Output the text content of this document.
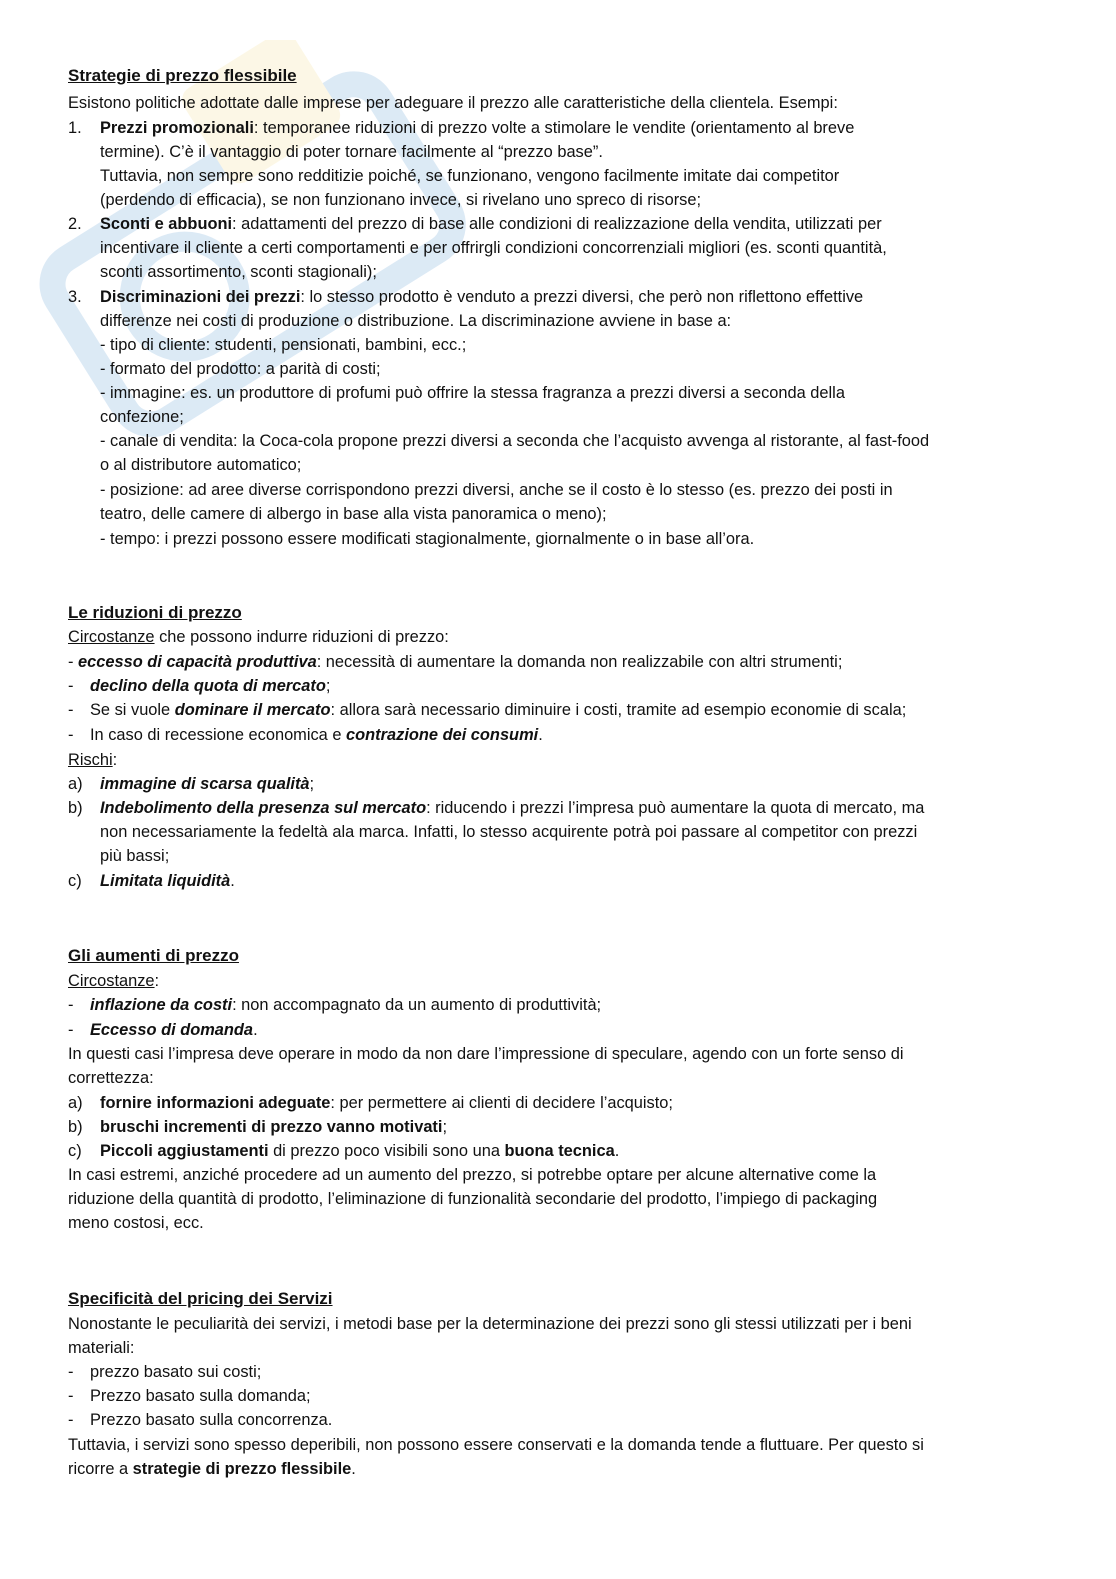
Strategie di prezzo flessibile
Esistono politiche adottate dalle imprese per adeguare il prezzo alle caratteristiche della clientela. Esempi:
1. Prezzi promozionali: temporanee riduzioni di prezzo volte a stimolare le vendite (orientamento al breve
termine). C’è il vantaggio di poter tornare facilmente al “prezzo base”.
Tuttavia, non sempre sono redditizie poiché, se funzionano, vengono facilmente imitate dai competitor
(perdendo di efficacia), se non funzionano invece, si rivelano uno spreco di risorse;
2. Sconti e abbuoni: adattamenti del prezzo di base alle condizioni di realizzazione della vendita, utilizzati per
incentivare il cliente a certi comportamenti e per offrirgli condizioni concorrenziali migliori (es. sconti quantità,
sconti assortimento, sconti stagionali);
3. Discriminazioni dei prezzi: lo stesso prodotto è venduto a prezzi diversi, che però non riflettono effettive
differenze nei costi di produzione o distribuzione. La discriminazione avviene in base a:
- tipo di cliente: studenti, pensionati, bambini, ecc.;
- formato del prodotto: a parità di costi;
- immagine: es. un produttore di profumi può offrire la stessa fragranza a prezzi diversi a seconda della
confezione;
- canale di vendita: la Coca-cola propone prezzi diversi a seconda che l’acquisto avvenga al ristorante, al fast-food
o al distributore automatico;
- posizione: ad aree diverse corrispondono prezzi diversi, anche se il costo è lo stesso (es. prezzo dei posti in
teatro, delle camere di albergo in base alla vista panoramica o meno);
- tempo: i prezzi possono essere modificati stagionalmente, giornalmente o in base all’ora.
Le riduzioni di prezzo
Circostanze che possono indurre riduzioni di prezzo:
- eccesso di capacità produttiva: necessità di aumentare la domanda non realizzabile con altri strumenti;
- declino della quota di mercato;
- Se si vuole dominare il mercato: allora sarà necessario diminuire i costi, tramite ad esempio economie di scala;
- In caso di recessione economica e contrazione dei consumi.
Rischi:
a) immagine di scarsa qualità;
b) Indebolimento della presenza sul mercato: riducendo i prezzi l’impresa può aumentare la quota di mercato, ma
non necessariamente la fedeltà ala marca. Infatti, lo stesso acquirente potrà poi passare al competitor con prezzi
più bassi;
c) Limitata liquidità.
Gli aumenti di prezzo
Circostanze:
- inflazione da costi: non accompagnato da un aumento di produttività;
- Eccesso di domanda.
In questi casi l’impresa deve operare in modo da non dare l’impressione di speculare, agendo con un forte senso di
correttezza:
a) fornire informazioni adeguate: per permettere ai clienti di decidere l’acquisto;
b) bruschi incrementi di prezzo vanno motivati;
c) Piccoli aggiustamenti di prezzo poco visibili sono una buona tecnica.
In casi estremi, anziché procedere ad un aumento del prezzo, si potrebbe optare per alcune alternative come la
riduzione della quantità di prodotto, l’eliminazione di funzionalità secondarie del prodotto, l’impiego di packaging
meno costosi, ecc.
Specificità del pricing dei Servizi
Nonostante le peculiarità dei servizi, i metodi base per la determinazione dei prezzi sono gli stessi utilizzati per i beni
materiali:
- prezzo basato sui costi;
- Prezzo basato sulla domanda;
- Prezzo basato sulla concorrenza.
Tuttavia, i servizi sono spesso deperibili, non possono essere conservati e la domanda tende a fluttuare. Per questo si
ricorre a strategie di prezzo flessibile.
